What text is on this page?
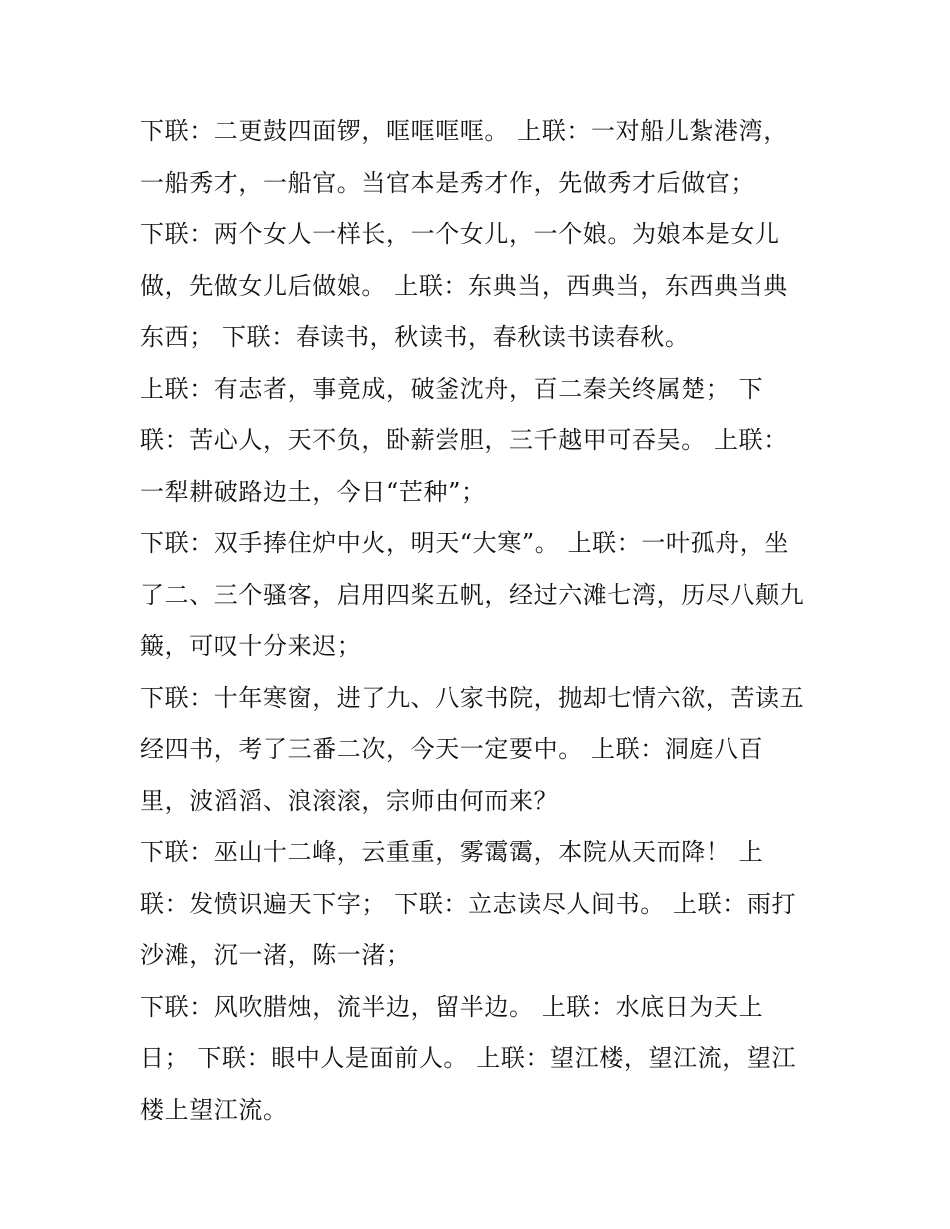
下联：二更鼓四面锣，哐哐哐哐。 上联：一对船儿紮港湾，
一船秀才，一船官。当官本是秀才作，先做秀才后做官；
下联：两个女人一样长，一个女儿，一个娘。为娘本是女儿
做，先做女儿后做娘。 上联：东典当，西典当，东西典当典
东西； 下联：春读书，秋读书，春秋读书读春秋。
上联：有志者，事竟成，破釜沈舟，百二秦关终属楚； 下
联：苦心人，天不负，卧薪尝胆，三千越甲可吞吴。 上联：
一犁耕破路边土，今日“芒种”；
下联：双手捧住炉中火，明天“大寒”。 上联：一叶孤舟，坐
了二、三个骚客，启用四桨五帆，经过六滩七湾，历尽八颠九
簸，可叹十分来迟；
下联：十年寒窗，进了九、八家书院，抛却七情六欲，苦读五
经四书，考了三番二次，今天一定要中。 上联：洞庭八百
里，波滔滔、浪滚滚，宗师由何而来？
下联：巫山十二峰，云重重，雾霭霭，本院从天而降！ 上
联：发愤识遍天下字； 下联：立志读尽人间书。 上联：雨打
沙滩，沉一渚，陈一渚；
下联：风吹腊烛，流半边，留半边。 上联：水底日为天上
日； 下联：眼中人是面前人。 上联：望江楼，望江流，望江
楼上望江流。
